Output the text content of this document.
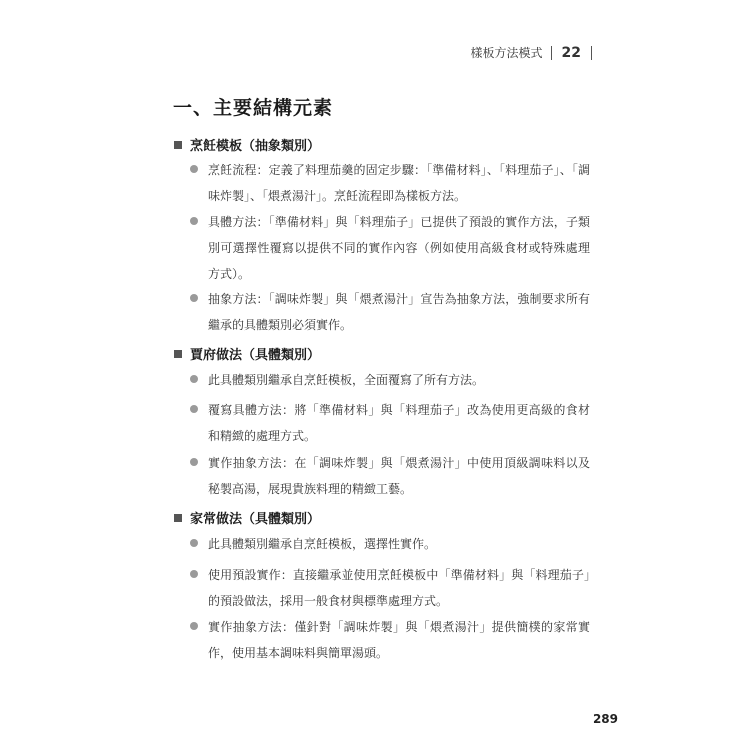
樣板方法模式 22
一、主要結構元素
烹飪模板（抽象類別）
烹飪流程：定義了料理茄羹的固定步驟：「準備材料」、「料理茄子」、「調味炸製」、「煨煮湯汁」。烹飪流程即為樣板方法。
具體方法：「準備材料」與「料理茄子」已提供了預設的實作方法，子類別可選擇性覆寫以提供不同的實作內容（例如使用高級食材或特殊處理方式）。
抽象方法：「調味炸製」與「煨煮湯汁」宣告為抽象方法，強制要求所有繼承的具體類別必須實作。
賈府做法（具體類別）
此具體類別繼承自烹飪模板，全面覆寫了所有方法。
覆寫具體方法：將「準備材料」與「料理茄子」改為使用更高級的食材和精緻的處理方式。
實作抽象方法：在「調味炸製」與「煨煮湯汁」中使用頂級調味料以及秘製高湯，展現貴族料理的精緻工藝。
家常做法（具體類別）
此具體類別繼承自烹飪模板，選擇性實作。
使用預設實作：直接繼承並使用烹飪模板中「準備材料」與「料理茄子」的預設做法，採用一般食材與標準處理方式。
實作抽象方法：僅針對「調味炸製」與「煨煮湯汁」提供簡樸的家常實作，使用基本調味料與簡單湯頭。
289
